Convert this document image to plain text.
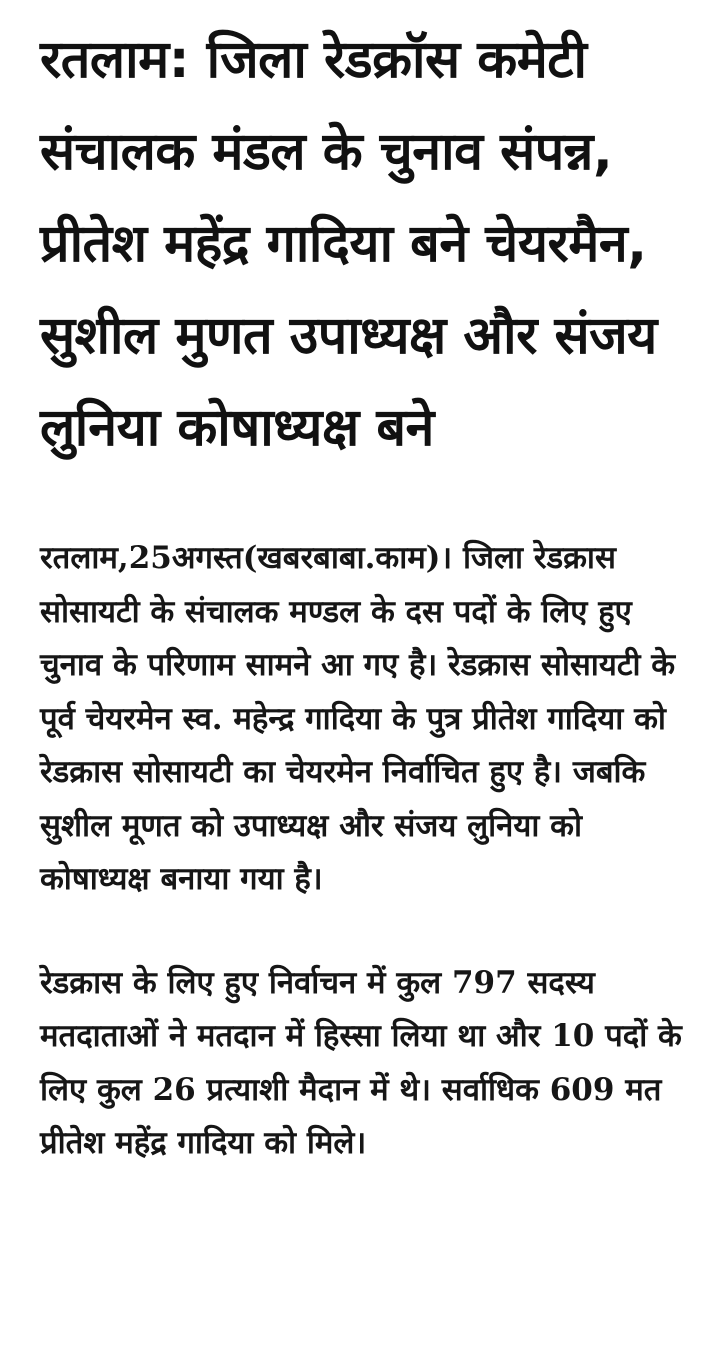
रतलाम: जिला रेडक्रॉस कमेटी संचालक मंडल के चुनाव संपन्न, प्रीतेश महेंद्र गादिया बने चेयरमैन, सुशील मुणत उपाध्यक्ष और संजय लुनिया कोषाध्यक्ष बने

रतलाम,25अगस्त(खबरबाबा.काम)। जिला रेडक्रास सोसायटी के संचालक मण्डल के दस पदों के लिए हुए चुनाव के परिणाम सामने आ गए है। रेडक्रास सोसायटी के पूर्व चेयरमेन स्व. महेन्द्र गादिया के पुत्र प्रीतेश गादिया को रेडक्रास सोसायटी का चेयरमेन निर्वाचित हुए है। जबकि सुशील मूणत को उपाध्यक्ष और संजय लुनिया को कोषाध्यक्ष बनाया गया है।

रेडक्रास के लिए हुए निर्वाचन में कुल 797 सदस्य मतदाताओं ने मतदान में हिस्सा लिया था और 10 पदों के लिए कुल 26 प्रत्याशी मैदान में थे। सर्वाधिक 609 मत प्रीतेश महेंद्र गादिया को मिले।
